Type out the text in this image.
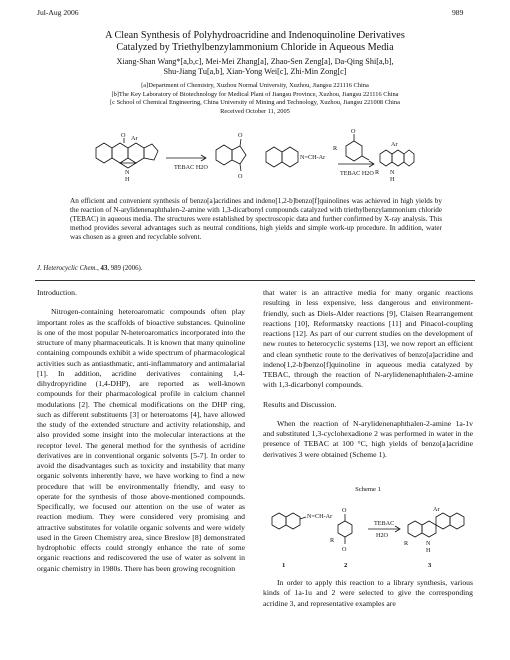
Jul-Aug 2006	989
A Clean Synthesis of Polyhydroacridine and Indenoquinoline Derivatives
Catalyzed by Triethylbenzylammonium Chloride in Aqueous Media
Xiang-Shan Wang*[a,b,c], Mei-Mei Zhang[a], Zhao-Sen Zeng[a], Da-Qing Shi[a,b],
Shu-Jiang Tu[a,b], Xian-Yong Wei[c], Zhi-Min Zong[c]
[a]Department of Chemistry, Xuzhou Normal University, Xuzhou, Jiangsu 221116 China
[b]The Key Laboratory of Biotechnology for Medical Plant of Jiangsu Province, Xuzhou, Jiangsu 221116 China
[c School of Chemical Engineering, China University of Mining and Technology, Xuzhou, Jiangsu 221008 China
Received October 11, 2005
O Ar
N
H
TEBAC H2O
O
O
N=CH-Ar
O
R
TEBAC H2O
Ar
R N
H
An efficient and convenient synthesis of benzo[a]acridines and indeno[1,2-b]benzo[f]quinolines was achieved in high yields by the reaction of N-arylidenenaphthalen-2-amine with 1,3-dicarbonyl compounds catalyzed with triethylbenzylammonium chloride (TEBAC) in aqueous media. The structures were established by spectroscopic data and further confirmed by X-ray analysis. This method provides several advantages such as neutral conditions, high yields and simple work-up procedure. In addition, water was chosen as a green and recyclable solvent.
J. Heterocyclic Chem., 43, 989 (2006).

Introduction.

Nitrogen-containing heteroaromatic compounds often play important roles as the scaffolds of bioactive substances. Quinoline is one of the most popular N-heteroaromatics incorporated into the structure of many pharmaceuticals. It is known that many quinoline containing compounds exhibit a wide spectrum of pharmacological activities such as antiasthmatic, anti-inflammatory and antimalarial [1]. In addition, acridine derivatives containing 1,4-dihydropyridine (1,4-DHP), are reported as well-known compounds for their pharmacological profile in calcium channel modulations [2]. The chemical modifications on the DHP ring, such as different substituents [3] or heteroatoms [4], have allowed the study of the extended structure and activity relationship, and also provided some insight into the molecular interactions at the receptor level. The general method for the synthesis of acridine derivatives are in conventional organic solvents [5-7]. In order to avoid the disadvantages such as toxicity and instability that many organic solvents inherently have, we have working to find a new procedure that will be environmentally friendly, and easy to operate for the synthesis of those above-mentioned compounds. Specifically, we focused our attention on the use of water as reaction medium. They were considered very promising and attractive substitutes for volatile organic solvents and were widely used in the Green Chemistry area, since Breslow [8] demonstrated hydrophobic effects could strongly enhance the rate of some organic reactions and rediscovered the use of water as solvent in organic chemistry in 1980s. There has been growing recognition

that water is an attractive media for many organic reactions resulting in less expensive, less dangerous and environment-friendly, such as Diels-Alder reactions [9], Claisen Rearrangement reactions [10], Reformatsky reactions [11] and Pinacol-coupling reactions [12]. As part of our current studies on the development of new routes to heterocyclic systems [13], we now report an efficient and clean synthetic route to the derivatives of benzo[a]acridine and indeno[1,2-b]benzo[f]quinoline in aqueous media catalyzed by TEBAC, through the reaction of N-arylidenenaphthalen-2-amine with 1,3-dicarbonyl compounds.

Results and Discussion.

When the reaction of N-arylidenenaphthalen-2-amine 1a-1v and substituted 1,3-cyclohexadione 2 was performed in water in the presence of TEBAC at 100 °C, high yields of benzo[a]acridine derivatives 3 were obtained (Scheme 1).

Scheme 1
N=CH-Ar
O
O
R
TEBAC
H2O
Ar
R	N
H
1	2	3

In order to apply this reaction to a library synthesis, various kinds of 1a-1u and 2 were selected to give the corresponding acridine 3, and representative examples are
